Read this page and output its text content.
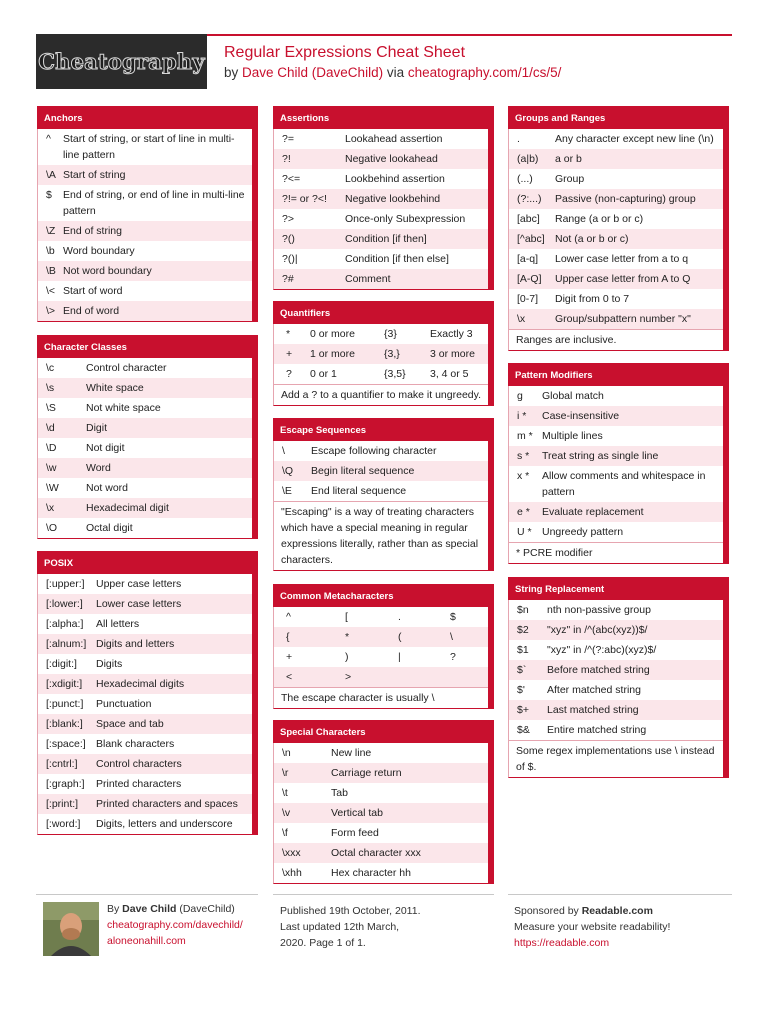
Cheatography Regular Expressions Cheat Sheet
by Dave Child (DaveChild) via cheatography.com/1/cs/5/
Anchors
^	Start of string, or start of line in multi-line pattern
\A Start of string
$	End of string, or end of line in multi-line pattern
\Z End of string
\b Word boundary
\B Not word boundary
\< Start of word
\> End of word
Character Classes
\c	Control character
\s	White space
\S	Not white space
\d	Digit
\D	Not digit
\w	Word
\W	Not word
\x	Hexadecimal digit
\O	Octal digit
POSIX
[:upper:]	Upper case letters
[:lower:]	Lower case letters
[:alpha:]	All letters
[:alnum:] Digits and letters
[:digit:]	Digits
[:xdigit:]	Hexadecimal digits
[:punct:]	Punctuation
[:blank:]	Space and tab
[:space:] Blank characters
[:cntrl:]	Control characters
[:graph:]	Printed characters
[:print:]	Printed characters and spaces
[:word:]	Digits, letters and underscore
Assertions
?=	Lookahead assertion
?!	Negative lookahead
?<=	Lookbehind assertion
?!= or ?<!	Negative lookbehind
?>	Once-only Subexpression
?()	Condition [if then]
?()|	Condition [if then else]
?#	Comment
Quantifiers
*	0 or more	{3}	Exactly 3
+	1 or more	{3,}	3 or more
?	0 or 1	{3,5}	3, 4 or 5
Add a ? to a quantifier to make it ungreedy.
Escape Sequences
\	Escape following character
\Q	Begin literal sequence
\E	End literal sequence
"Escaping" is a way of treating characters which have a special meaning in regular expressions literally, rather than as special characters.
Common Metacharacters
^	[	.	$
{	*	(	\
+	)	|	?
<	>
The escape character is usually \
Special Characters
\n	New line
\r	Carriage return
\t	Tab
\v	Vertical tab
\f	Form feed
\xxx	Octal character xxx
\xhh	Hex character hh
Groups and Ranges
.	Any character except new line (\n)
(a|b)	a or b
(...)	Group
(?:...)	Passive (non-capturing) group
[abc]	Range (a or b or c)
[^abc] Not (a or b or c)
[a-q]	Lower case letter from a to q
[A-Q]	Upper case letter from A to Q
[0-7]	Digit from 0 to 7
\x	Group/subpattern number "x"
Ranges are inclusive.
Pattern Modifiers
g	Global match
i *	Case-insensitive
m * Multiple lines
s *	Treat string as single line
x *	Allow comments and whitespace in pattern
e *	Evaluate replacement
U * Ungreedy pattern
* PCRE modifier
String Replacement
$n	nth non-passive group
$2	"xyz" in /^(abc(xyz))$/
$1	"xyz" in /^(?:abc)(xyz)$/
$`	Before matched string
$'	After matched string
$+	Last matched string
$&	Entire matched string
Some regex implementations use \ instead of $.
By Dave Child (DaveChild)
cheatography.com/davechild/
aloneonahill.com
Published 19th October, 2011.
Last updated 12th March,
2020. Page 1 of 1.
Sponsored by Readable.com
Measure your website readability!
https://readable.com
